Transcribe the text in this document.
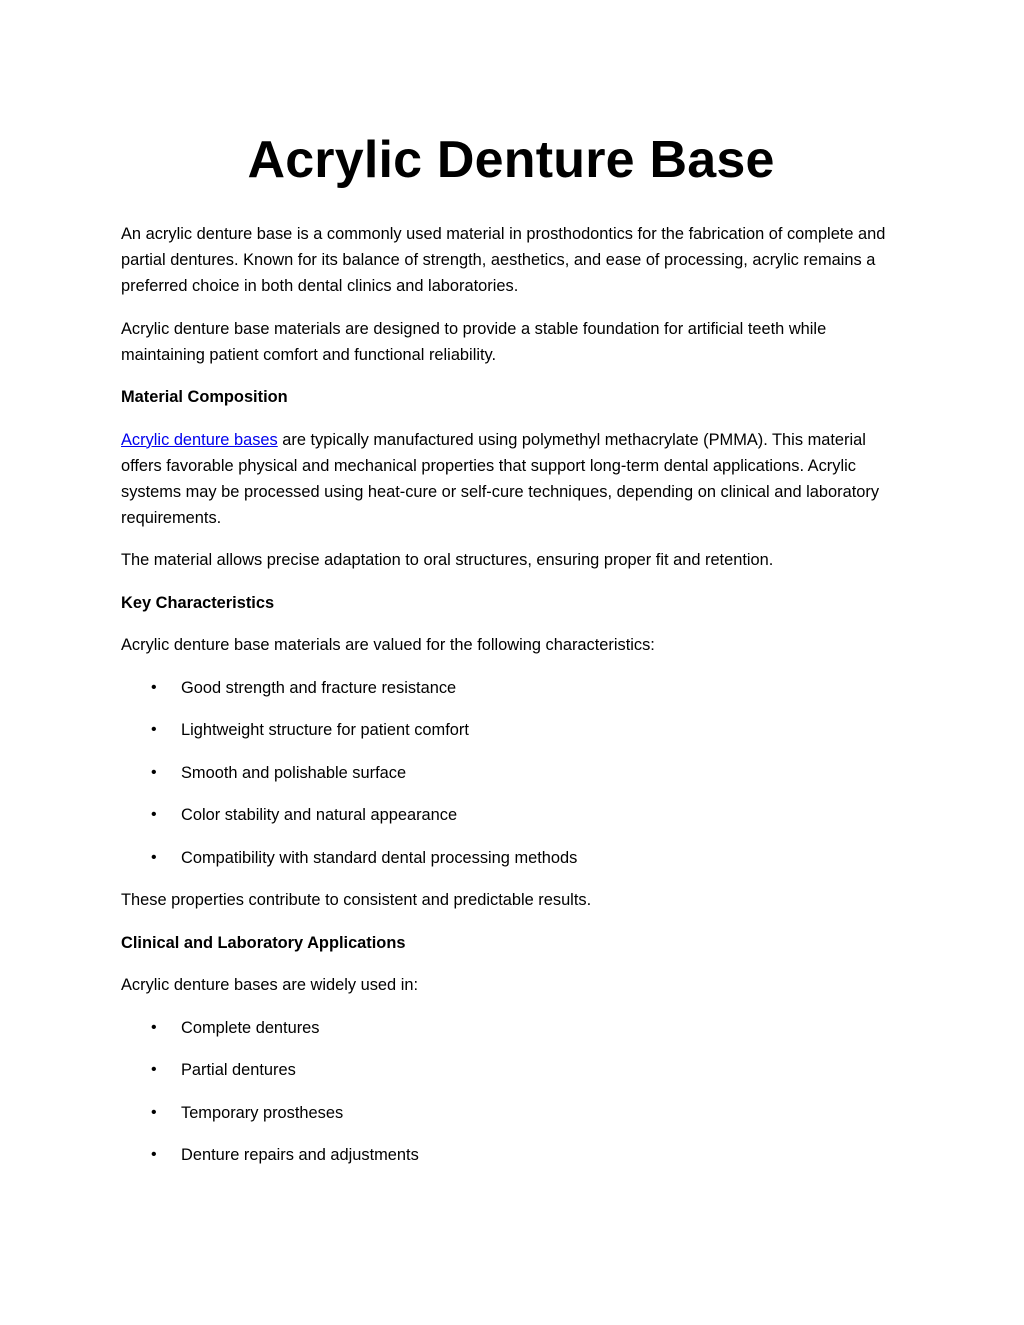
Acrylic Denture Base

An acrylic denture base is a commonly used material in prosthodontics for the fabrication of complete and partial dentures. Known for its balance of strength, aesthetics, and ease of processing, acrylic remains a preferred choice in both dental clinics and laboratories.

Acrylic denture base materials are designed to provide a stable foundation for artificial teeth while maintaining patient comfort and functional reliability.

Material Composition

Acrylic denture bases are typically manufactured using polymethyl methacrylate (PMMA). This material offers favorable physical and mechanical properties that support long-term dental applications. Acrylic systems may be processed using heat-cure or self-cure techniques, depending on clinical and laboratory requirements.

The material allows precise adaptation to oral structures, ensuring proper fit and retention.

Key Characteristics

Acrylic denture base materials are valued for the following characteristics:

• Good strength and fracture resistance
• Lightweight structure for patient comfort
• Smooth and polishable surface
• Color stability and natural appearance
• Compatibility with standard dental processing methods

These properties contribute to consistent and predictable results.

Clinical and Laboratory Applications

Acrylic denture bases are widely used in:

• Complete dentures
• Partial dentures
• Temporary prostheses
• Denture repairs and adjustments
